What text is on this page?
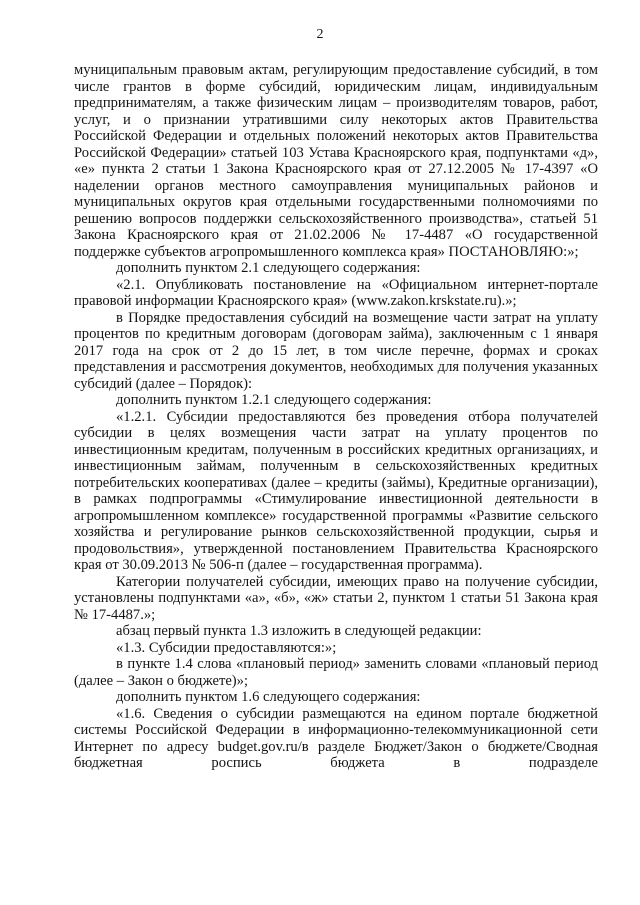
2

муниципальным правовым актам, регулирующим предоставление субсидий, в том числе грантов в форме субсидий, юридическим лицам, индивидуальным предпринимателям, а также физическим лицам – производителям товаров, работ, услуг, и о признании утратившими силу некоторых актов Правительства Российской Федерации и отдельных положений некоторых актов Правительства Российской Федерации» статьей 103 Устава Красноярского края, подпунктами «д», «е» пункта 2 статьи 1 Закона Красноярского края от 27.12.2005 № 17-4397 «О наделении органов местного самоуправления муниципальных районов и муниципальных округов края отдельными государственными полномочиями по решению вопросов поддержки сельскохозяйственного производства», статьей 51 Закона Красноярского края от 21.02.2006 № 17-4487 «О государственной поддержке субъектов агропромышленного комплекса края» ПОСТАНОВЛЯЮ:»;

дополнить пунктом 2.1 следующего содержания:

«2.1. Опубликовать постановление на «Официальном интернет-портале правовой информации Красноярского края» (www.zakon.krskstate.ru).»;

в Порядке предоставления субсидий на возмещение части затрат на уплату процентов по кредитным договорам (договорам займа), заключенным с 1 января 2017 года на срок от 2 до 15 лет, в том числе перечне, формах и сроках представления и рассмотрения документов, необходимых для получения указанных субсидий (далее – Порядок):

дополнить пунктом 1.2.1 следующего содержания:

«1.2.1. Субсидии предоставляются без проведения отбора получателей субсидии в целях возмещения части затрат на уплату процентов по инвестиционным кредитам, полученным в российских кредитных организациях, и инвестиционным займам, полученным в сельскохозяйственных кредитных потребительских кооперативах (далее – кредиты (займы), Кредитные организации), в рамках подпрограммы «Стимулирование инвестиционной деятельности в агропромышленном комплексе» государственной программы «Развитие сельского хозяйства и регулирование рынков сельскохозяйственной продукции, сырья и продовольствия», утвержденной постановлением Правительства Красноярского края от 30.09.2013 № 506-п (далее – государственная программа).

Категории получателей субсидии, имеющих право на получение субсидии, установлены подпунктами «а», «б», «ж» статьи 2, пунктом 1 статьи 51 Закона края № 17-4487.»;

абзац первый пункта 1.3 изложить в следующей редакции:

«1.3. Субсидии предоставляются:»;

в пункте 1.4 слова «плановый период» заменить словами «плановый период (далее – Закон о бюджете)»;

дополнить пунктом 1.6 следующего содержания:

«1.6. Сведения о субсидии размещаются на едином портале бюджетной системы Российской Федерации в информационно-телекоммуникационной сети Интернет по адресу budget.gov.ru/в разделе Бюджет/Закон о бюджете/Сводная бюджетная роспись бюджета в подразделе
